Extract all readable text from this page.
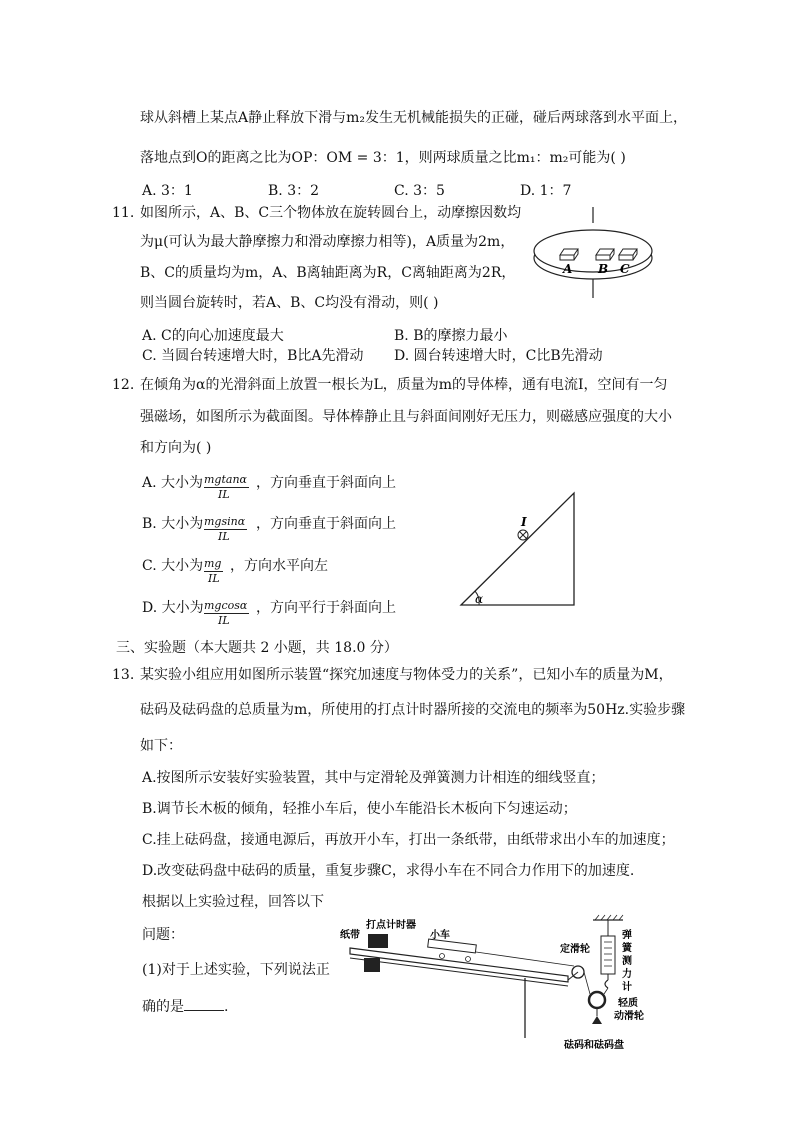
球从斜槽上某点A静止释放下滑与m₂发生无机械能损失的正碰，碰后两球落到水平面上，
落地点到O的距离之比为OP：OM = 3：1，则两球质量之比m₁：m₂可能为( )
A. 3：1	B. 3：2	C. 3：5	D. 1：7
11. 如图所示，A、B、C三个物体放在旋转圆台上，动摩擦因数均
为μ(可认为最大静摩擦力和滑动摩擦力相等)，A质量为2m，
B、C的质量均为m，A、B离轴距离为R，C离轴距离为2R，
则当圆台旋转时，若A、B、C均没有滑动，则( )
A. C的向心加速度最大	B. B的摩擦力最小
C. 当圆台转速增大时，B比A先滑动 D. 圆台转速增大时，C比B先滑动
A B C
12. 在倾角为α的光滑斜面上放置一根长为L，质量为m的导体棒，通有电流I，空间有一匀
强磁场，如图所示为截面图。导体棒静止且与斜面间刚好无压力，则磁感应强度的大小
和方向为( )
A. 大小为 $\frac{mgtan\alpha}{IL}$ ，方向垂直于斜面向上
B. 大小为 $\frac{mgsin\alpha}{IL}$ ，方向垂直于斜面向上
C. 大小为 $\frac{mg}{IL}$ ，方向水平向左
D. 大小为 $\frac{mgcos\alpha}{IL}$ ，方向平行于斜面向上
α
I
三、实验题（本大题共 2 小题，共 18.0 分）
13. 某实验小组应用如图所示装置“探究加速度与物体受力的关系”，已知小车的质量为M，
砝码及砝码盘的总质量为m，所使用的打点计时器所接的交流电的频率为50Hz.实验步骤
如下：
A.按图所示安装好实验装置，其中与定滑轮及弹簧测力计相连的细线竖直；
B.调节长木板的倾角，轻推小车后，使小车能沿长木板向下匀速运动；
C.挂上砝码盘，接通电源后，再放开小车，打出一条纸带，由纸带求出小车的加速度；
D.改变砝码盘中砝码的质量，重复步骤C，求得小车在不同合力作用下的加速度.
根据以上实验过程，回答以下
问题：
(1)对于上述实验，下列说法正
确的是	.
纸带
打点计时器
小车
定滑轮
弹
簧
测
力
计
轻质
动滑轮
砝码和砝码盘
